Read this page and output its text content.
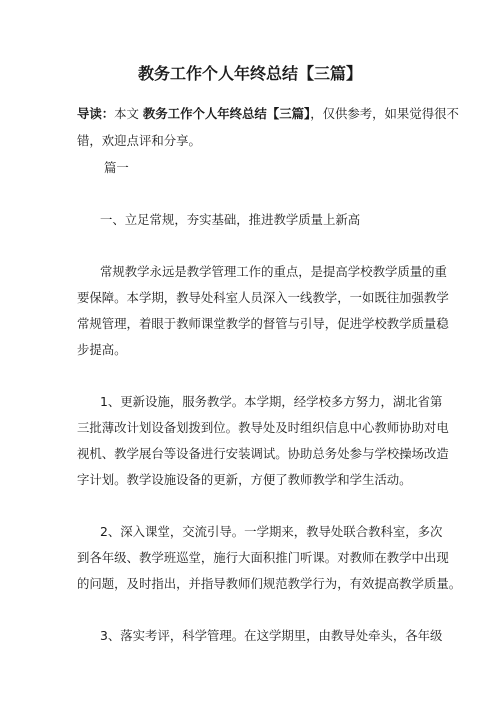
教务工作个人年终总结【三篇】
导读：本文 教务工作个人年终总结【三篇】，仅供参考，如果觉得很不
错，欢迎点评和分享。
篇一
一、立足常规，夯实基础，推进教学质量上新高
常规教学永远是教学管理工作的重点，是提高学校教学质量的重
要保障。本学期，教导处科室人员深入一线教学，一如既往加强教学
常规管理，着眼于教师课堂教学的督管与引导，促进学校教学质量稳
步提高。
1、更新设施，服务教学。本学期，经学校多方努力，湖北省第
三批薄改计划设备划拨到位。教导处及时组织信息中心教师协助对电
视机、教学展台等设备进行安装调试。协助总务处参与学校操场改造
字计划。教学设施设备的更新，方便了教师教学和学生活动。
2、深入课堂，交流引导。一学期来，教导处联合教科室，多次
到各年级、教学班巡堂，施行大面积推门听课。对教师在教学中出现
的问题，及时指出，并指导教师们规范教学行为，有效提高教学质量。
3、落实考评，科学管理。在这学期里，由教导处牵头，各年级
